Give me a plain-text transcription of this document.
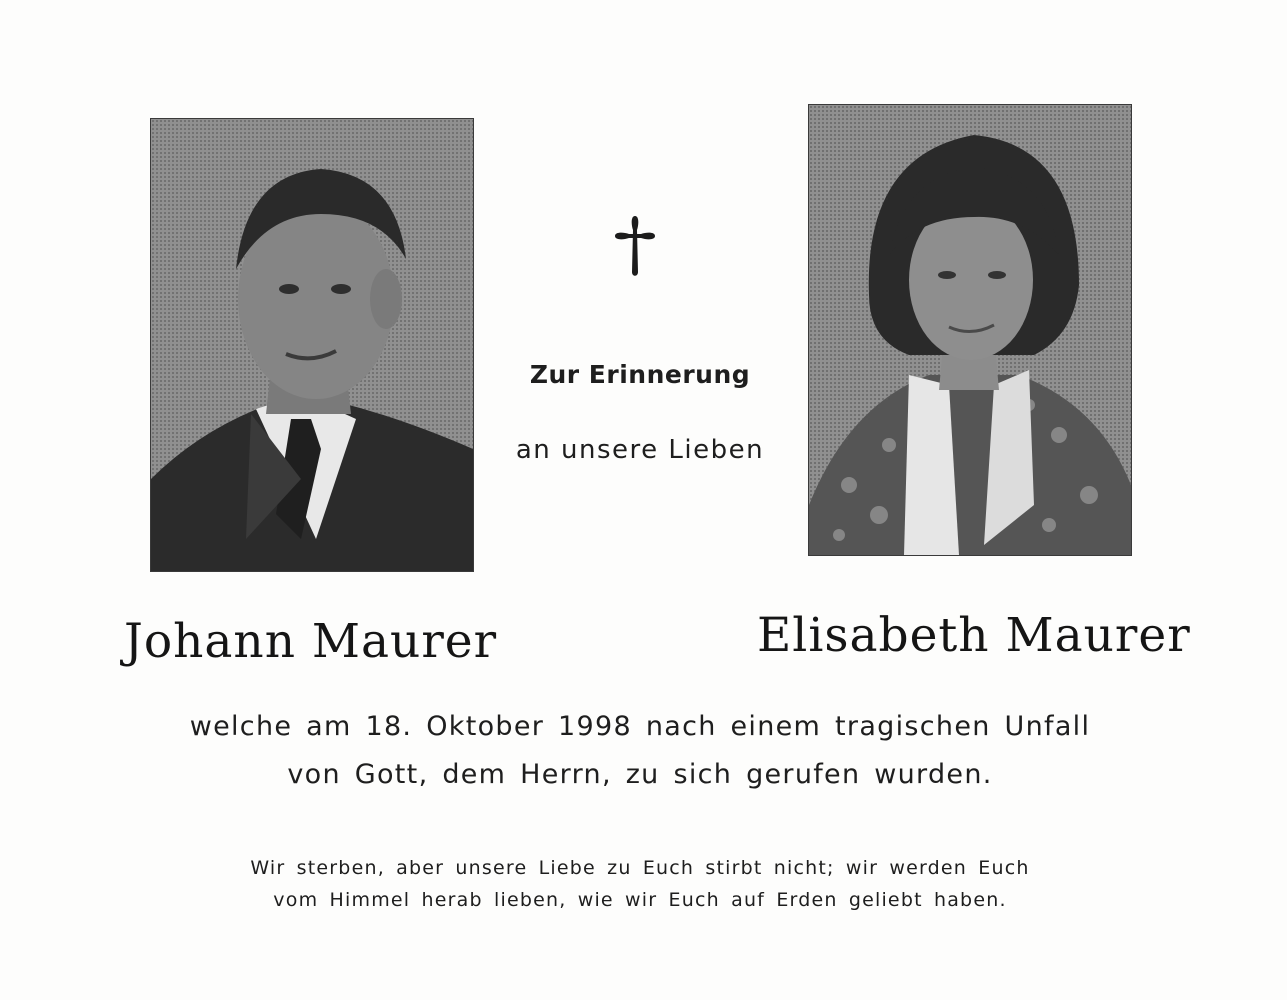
Zur Erinnerung
an unsere Lieben
Johann Maurer	Elisabeth Maurer
welche am 18. Oktober 1998 nach einem tragischen Unfall
von Gott, dem Herrn, zu sich gerufen wurden.
Wir sterben, aber unsere Liebe zu Euch stirbt nicht; wir werden Euch
vom Himmel herab lieben, wie wir Euch auf Erden geliebt haben.
